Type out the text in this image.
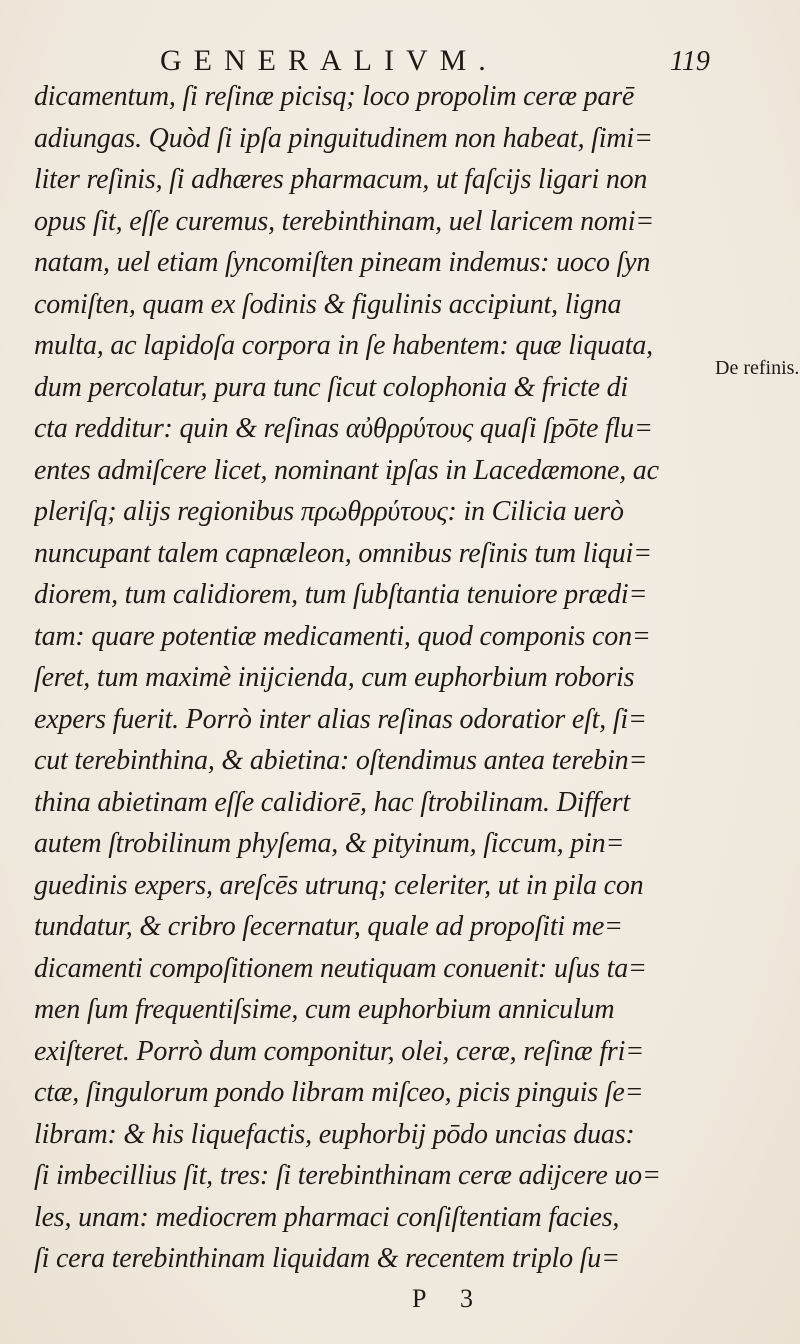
GENERALIVM.	119
dicamentum, ſi reſinæ picisq; loco propolim ceræ parē
adiungas. Quòd ſi ipſa pinguitudinem non habeat, ſimi=
liter reſinis, ſi adhæres pharmacum, ut faſcijs ligari non
opus ſit, eſſe curemus, terebinthinam, uel laricem nomi=
natam, uel etiam ſyncomiſten pineam indemus: uoco ſyn
comiſten, quam ex ſodinis & figulinis accipiunt, ligna
multa, ac lapidoſa corpora in ſe habentem: quæ liquata,
dum percolatur, pura tunc ſicut colophonia & fricte di
cta redditur: quin & reſinas αὐθρρύτους quaſi ſpōte flu=
entes admiſcere licet, nominant ipſas in Lacedæmone, ac
pleriſq; alijs regionibus πρωθρρύτους: in Cilicia uerò
nuncupant talem capnæleon, omnibus reſinis tum liqui=
diorem, tum calidiorem, tum ſubſtantia tenuiore prædi=
tam: quare potentiæ medicamenti, quod componis con=
ſeret, tum maximè inijcienda, cum euphorbium roboris
expers fuerit. Porrò inter alias reſinas odoratior eſt, ſi=
cut terebinthina, & abietina: oſtendimus antea terebin=
thina abietinam eſſe calidiorē, hac ſtrobilinam. Differt
autem ſtrobilinum phyſema, & pityinum, ſiccum, pin=
guedinis expers, areſcēs utrunq; celeriter, ut in pila con
tundatur, & cribro ſecernatur, quale ad propoſiti me=
dicamenti compoſitionem neutiquam conuenit: uſus ta=
men ſum frequentiſsime, cum euphorbium anniculum
exiſteret. Porrò dum componitur, olei, ceræ, reſinæ fri=
ctæ, ſingulorum pondo libram miſceo, picis pinguis ſe=
libram: & his liquefactis, euphorbij pōdo uncias duas:
ſi imbecillius ſit, tres: ſi terebinthinam ceræ adijcere uo=
les, unam: mediocrem pharmaci conſiſtentiam facies,
ſi cera terebinthinam liquidam & recentem triplo ſu=
De refinis.
P 3
